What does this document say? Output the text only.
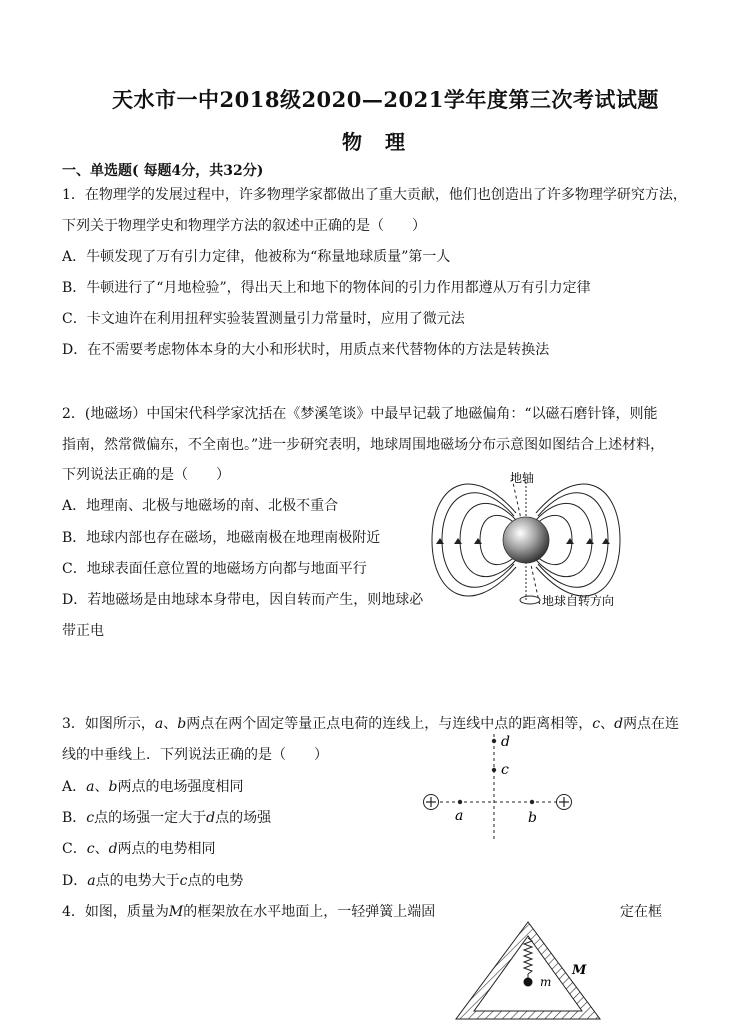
天水市一中2018级2020—2021学年度第三次考试试题
物 理
一、单选题( 每题4分，共32分)
1．在物理学的发展过程中，许多物理学家都做出了重大贡献，他们也创造出了许多物理学研究方法，
下列关于物理学史和物理学方法的叙述中正确的是（　　）
A．牛顿发现了万有引力定律，他被称为“称量地球质量”第一人
B．牛顿进行了“月地检验”，得出天上和地下的物体间的引力作用都遵从万有引力定律
C．卡文迪许在利用扭秤实验装置测量引力常量时，应用了微元法
D．在不需要考虑物体本身的大小和形状时，用质点来代替物体的方法是转换法
2．(地磁场）中国宋代科学家沈括在《梦溪笔谈》中最早记载了地磁偏角：“以磁石磨针锋，则能
指南，然常微偏东，不全南也。”进一步研究表明，地球周围地磁场分布示意图如图结合上述材料，
下列说法正确的是（　　）
A．地理南、北极与地磁场的南、北极不重合
B．地球内部也存在磁场，地磁南极在地理南极附近
C．地球表面任意位置的地磁场方向都与地面平行
D．若地磁场是由地球本身带电，因自转而产生，则地球必
带正电
地轴
地球自转方向
3．如图所示，a、b两点在两个固定等量正点电荷的连线上，与连线中点的距离相等，c、d两点在连
线的中垂线上．下列说法正确的是（　　）
A．a、b两点的电场强度相同
B．c点的场强一定大于d点的场强
C．c、d两点的电势相同
D．a点的电势大于c点的电势
a	b
c
d
4．如图，质量为M的框架放在水平地面上，一轻弹簧上端固	定在框
m
M
